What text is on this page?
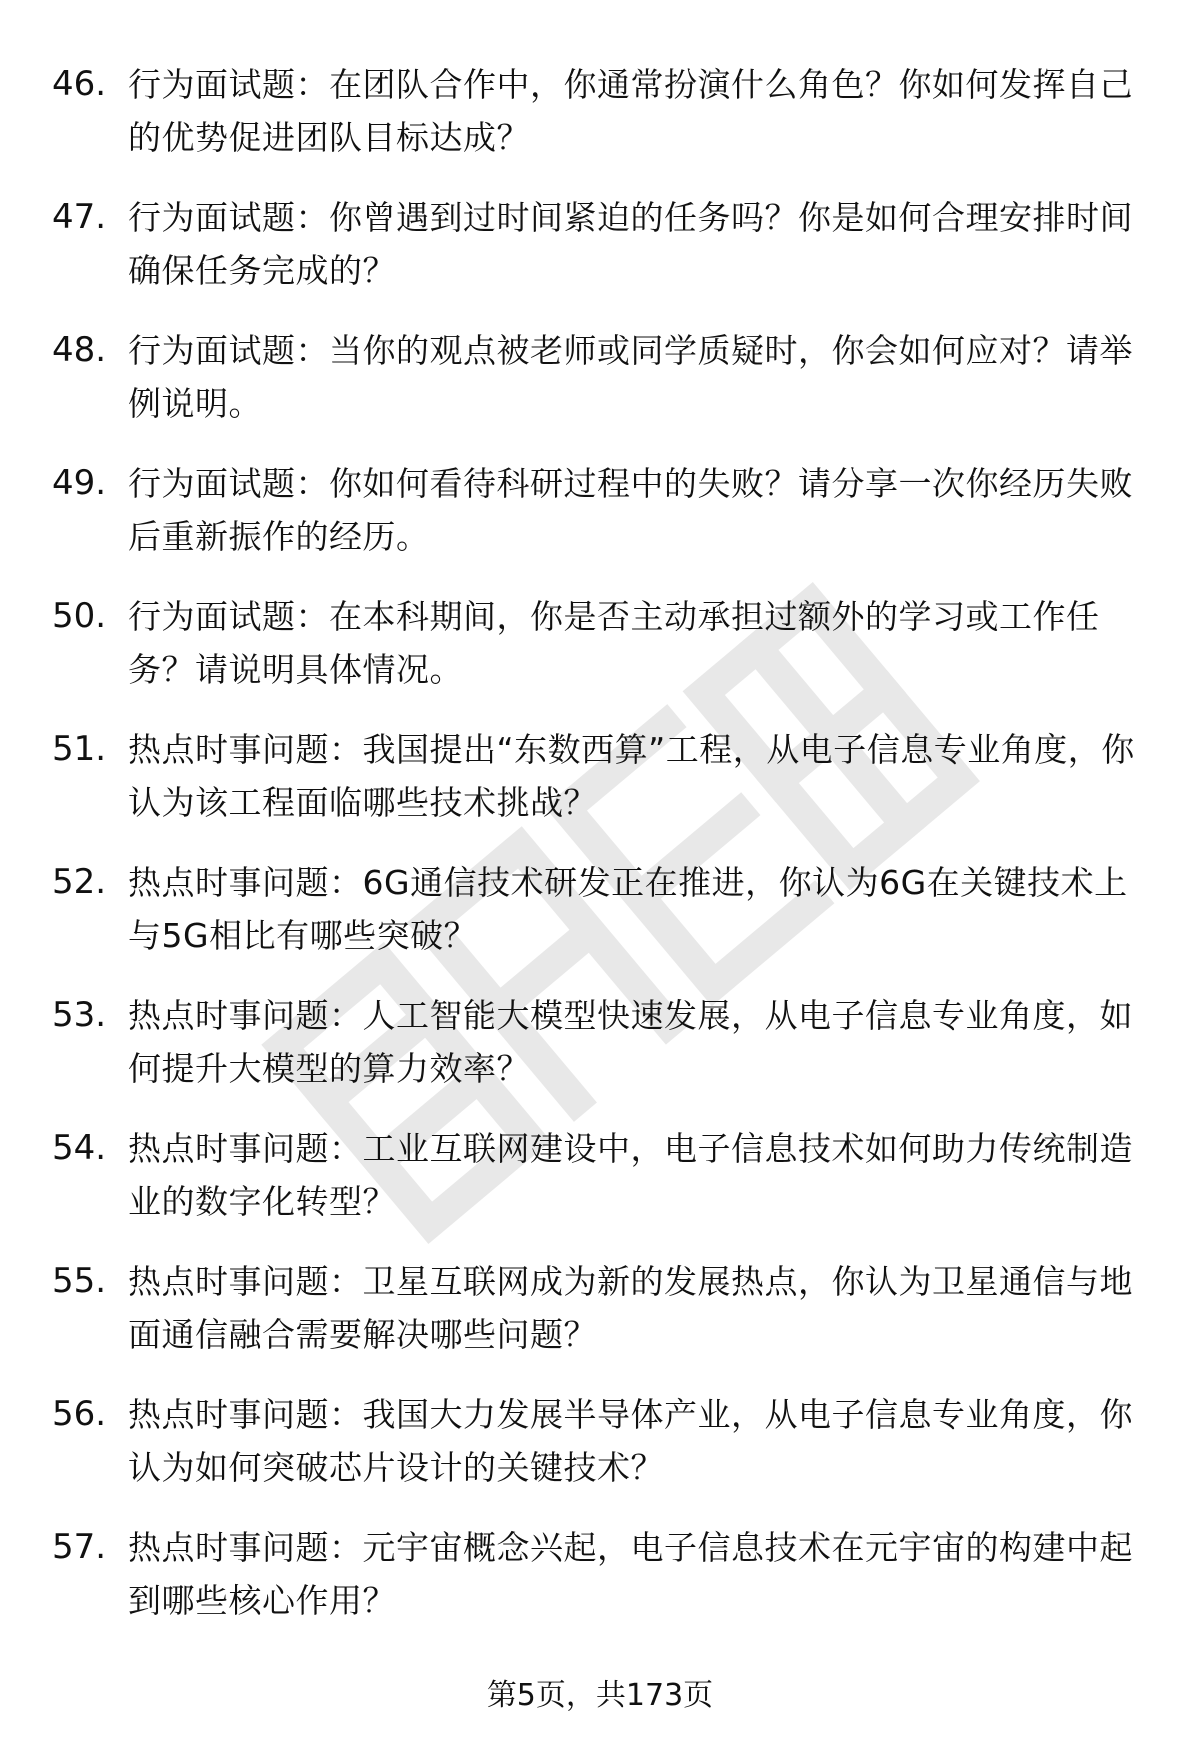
46. 行为面试题：在团队合作中，你通常扮演什么角色？你如何发挥自己的优势促进团队目标达成？
47. 行为面试题：你曾遇到过时间紧迫的任务吗？你是如何合理安排时间确保任务完成的？
48. 行为面试题：当你的观点被老师或同学质疑时，你会如何应对？请举例说明。
49. 行为面试题：你如何看待科研过程中的失败？请分享一次你经历失败后重新振作的经历。
50. 行为面试题：在本科期间，你是否主动承担过额外的学习或工作任务？请说明具体情况。
51. 热点时事问题：我国提出“东数西算”工程，从电子信息专业角度，你认为该工程面临哪些技术挑战？
52. 热点时事问题：6G通信技术研发正在推进，你认为6G在关键技术上与5G相比有哪些突破？
53. 热点时事问题：人工智能大模型快速发展，从电子信息专业角度，如何提升大模型的算力效率？
54. 热点时事问题：工业互联网建设中，电子信息技术如何助力传统制造业的数字化转型？
55. 热点时事问题：卫星互联网成为新的发展热点，你认为卫星通信与地面通信融合需要解决哪些问题？
56. 热点时事问题：我国大力发展半导体产业，从电子信息专业角度，你认为如何突破芯片设计的关键技术？
57. 热点时事问题：元宇宙概念兴起，电子信息技术在元宇宙的构建中起到哪些核心作用？
第5页，共173页
